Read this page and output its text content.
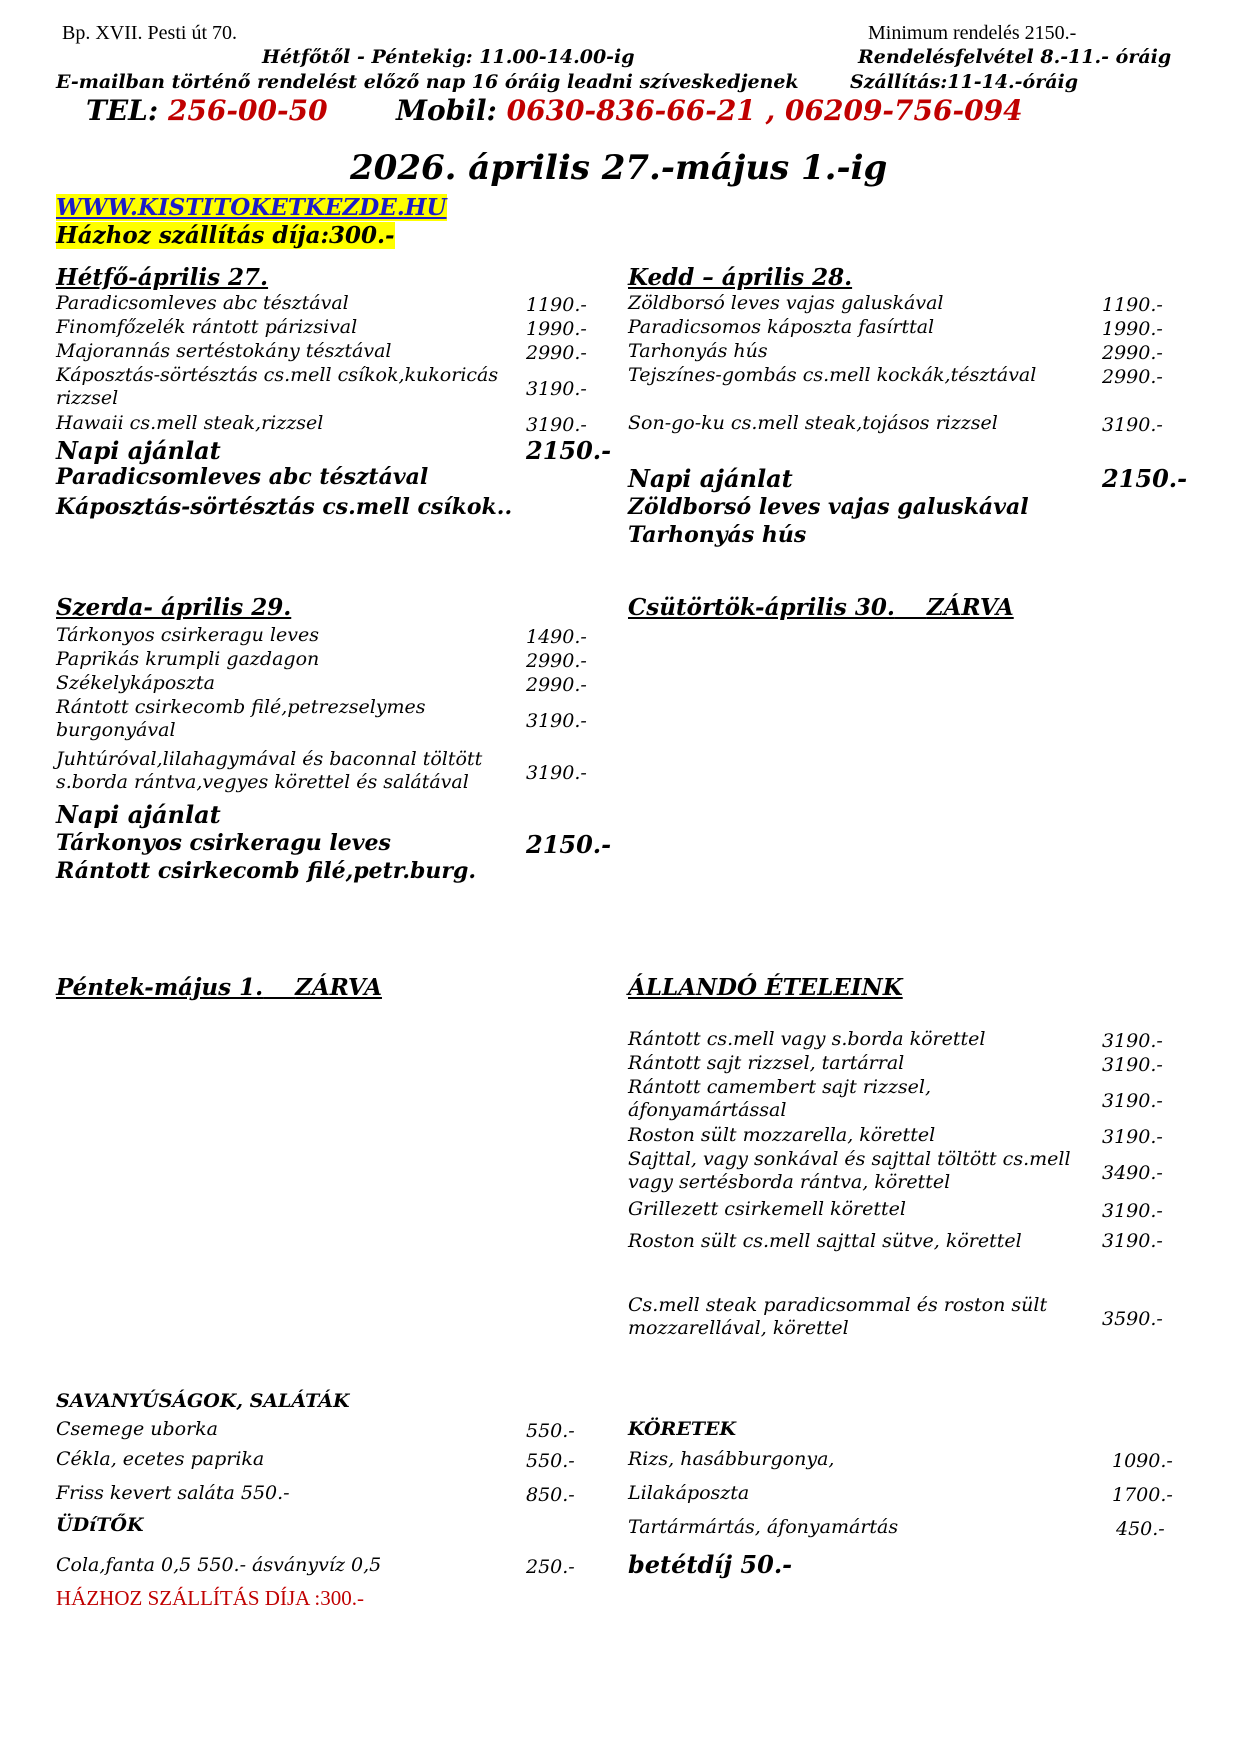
Bp. XVII. Pesti út 70.	Minimum rendelés 2150.-
Hétfőtől - Péntekig: 11.00-14.00-ig	Rendelésfelvétel 8.-11.- óráig
E-mailban történő rendelést előző nap 16 óráig leadni szíveskedjenek	Szállítás:11-14.-óráig
TEL: 256-00-50 Mobil: 0630-836-66-21 , 06209-756-094
2026. április 27.-május 1.-ig
WWW.KISTITOKETKEZDE.HU
Házhoz szállítás díja:300.-
Hétfő-április 27.
Paradicsomleves abc tésztával	1190.-
Finomfőzelék rántott párizsival	1990.-
Majorannás sertéstokány tésztával	2990.-
Káposztás-sörtésztás cs.mell csíkok,kukoricás rizzsel	3190.-
Hawaii cs.mell steak,rizzsel	3190.-
Napi ajánlat	2150.-
Paradicsomleves abc tésztával
Káposztás-sörtésztás cs.mell csíkok..
Kedd – április 28.
Zöldborsó leves vajas galuskával	1190.-
Paradicsomos káposzta fasírttal	1990.-
Tarhonyás hús	2990.-
Tejszínes-gombás cs.mell kockák,tésztával	2990.-
Son-go-ku cs.mell steak,tojásos rizzsel	3190.-
Napi ajánlat	2150.-
Zöldborsó leves vajas galuskával
Tarhonyás hús
Szerda- április 29.
Tárkonyos csirkeragu leves	1490.-
Paprikás krumpli gazdagon	2990.-
Székelykáposzta	2990.-
Rántott csirkecomb filé,petrezselymes burgonyával	3190.-
Juhtúróval,lilahagymával és baconnal töltött s.borda rántva,vegyes körettel és salátával	3190.-
Napi ajánlat
Tárkonyos csirkeragu leves	2150.-
Rántott csirkecomb filé,petr.burg.
Csütörtök-április 30. ZÁRVA
Péntek-május 1. ZÁRVA	ÁLLANDÓ ÉTELEINK
Rántott cs.mell vagy s.borda körettel	3190.-
Rántott sajt rizzsel, tartárral	3190.-
Rántott camembert sajt rizzsel, áfonyamártással	3190.-
Roston sült mozzarella, körettel	3190.-
Sajttal, vagy sonkával és sajttal töltött cs.mell vagy sertésborda rántva, körettel	3490.-
Grillezett csirkemell körettel	3190.-
Roston sült cs.mell sajttal sütve, körettel	3190.-
Cs.mell steak paradicsommal és roston sült mozzarellával, körettel	3590.-
SAVANYÚSÁGOK, SALÁTÁK
Csemege uborka	550.-
Cékla, ecetes paprika	550.-
Friss kevert saláta 550.-	850.-
ÜDíTŐK
Cola,fanta 0,5 550.- ásványvíz 0,5	250.-
HÁZHOZ SZÁLLÍTÁS DÍJA :300.-
KÖRETEK
Rizs, hasábburgonya,	1090.-
Lilakáposzta	1700.-
Tartármártás, áfonyamártás	450.-
betétdíj 50.-
